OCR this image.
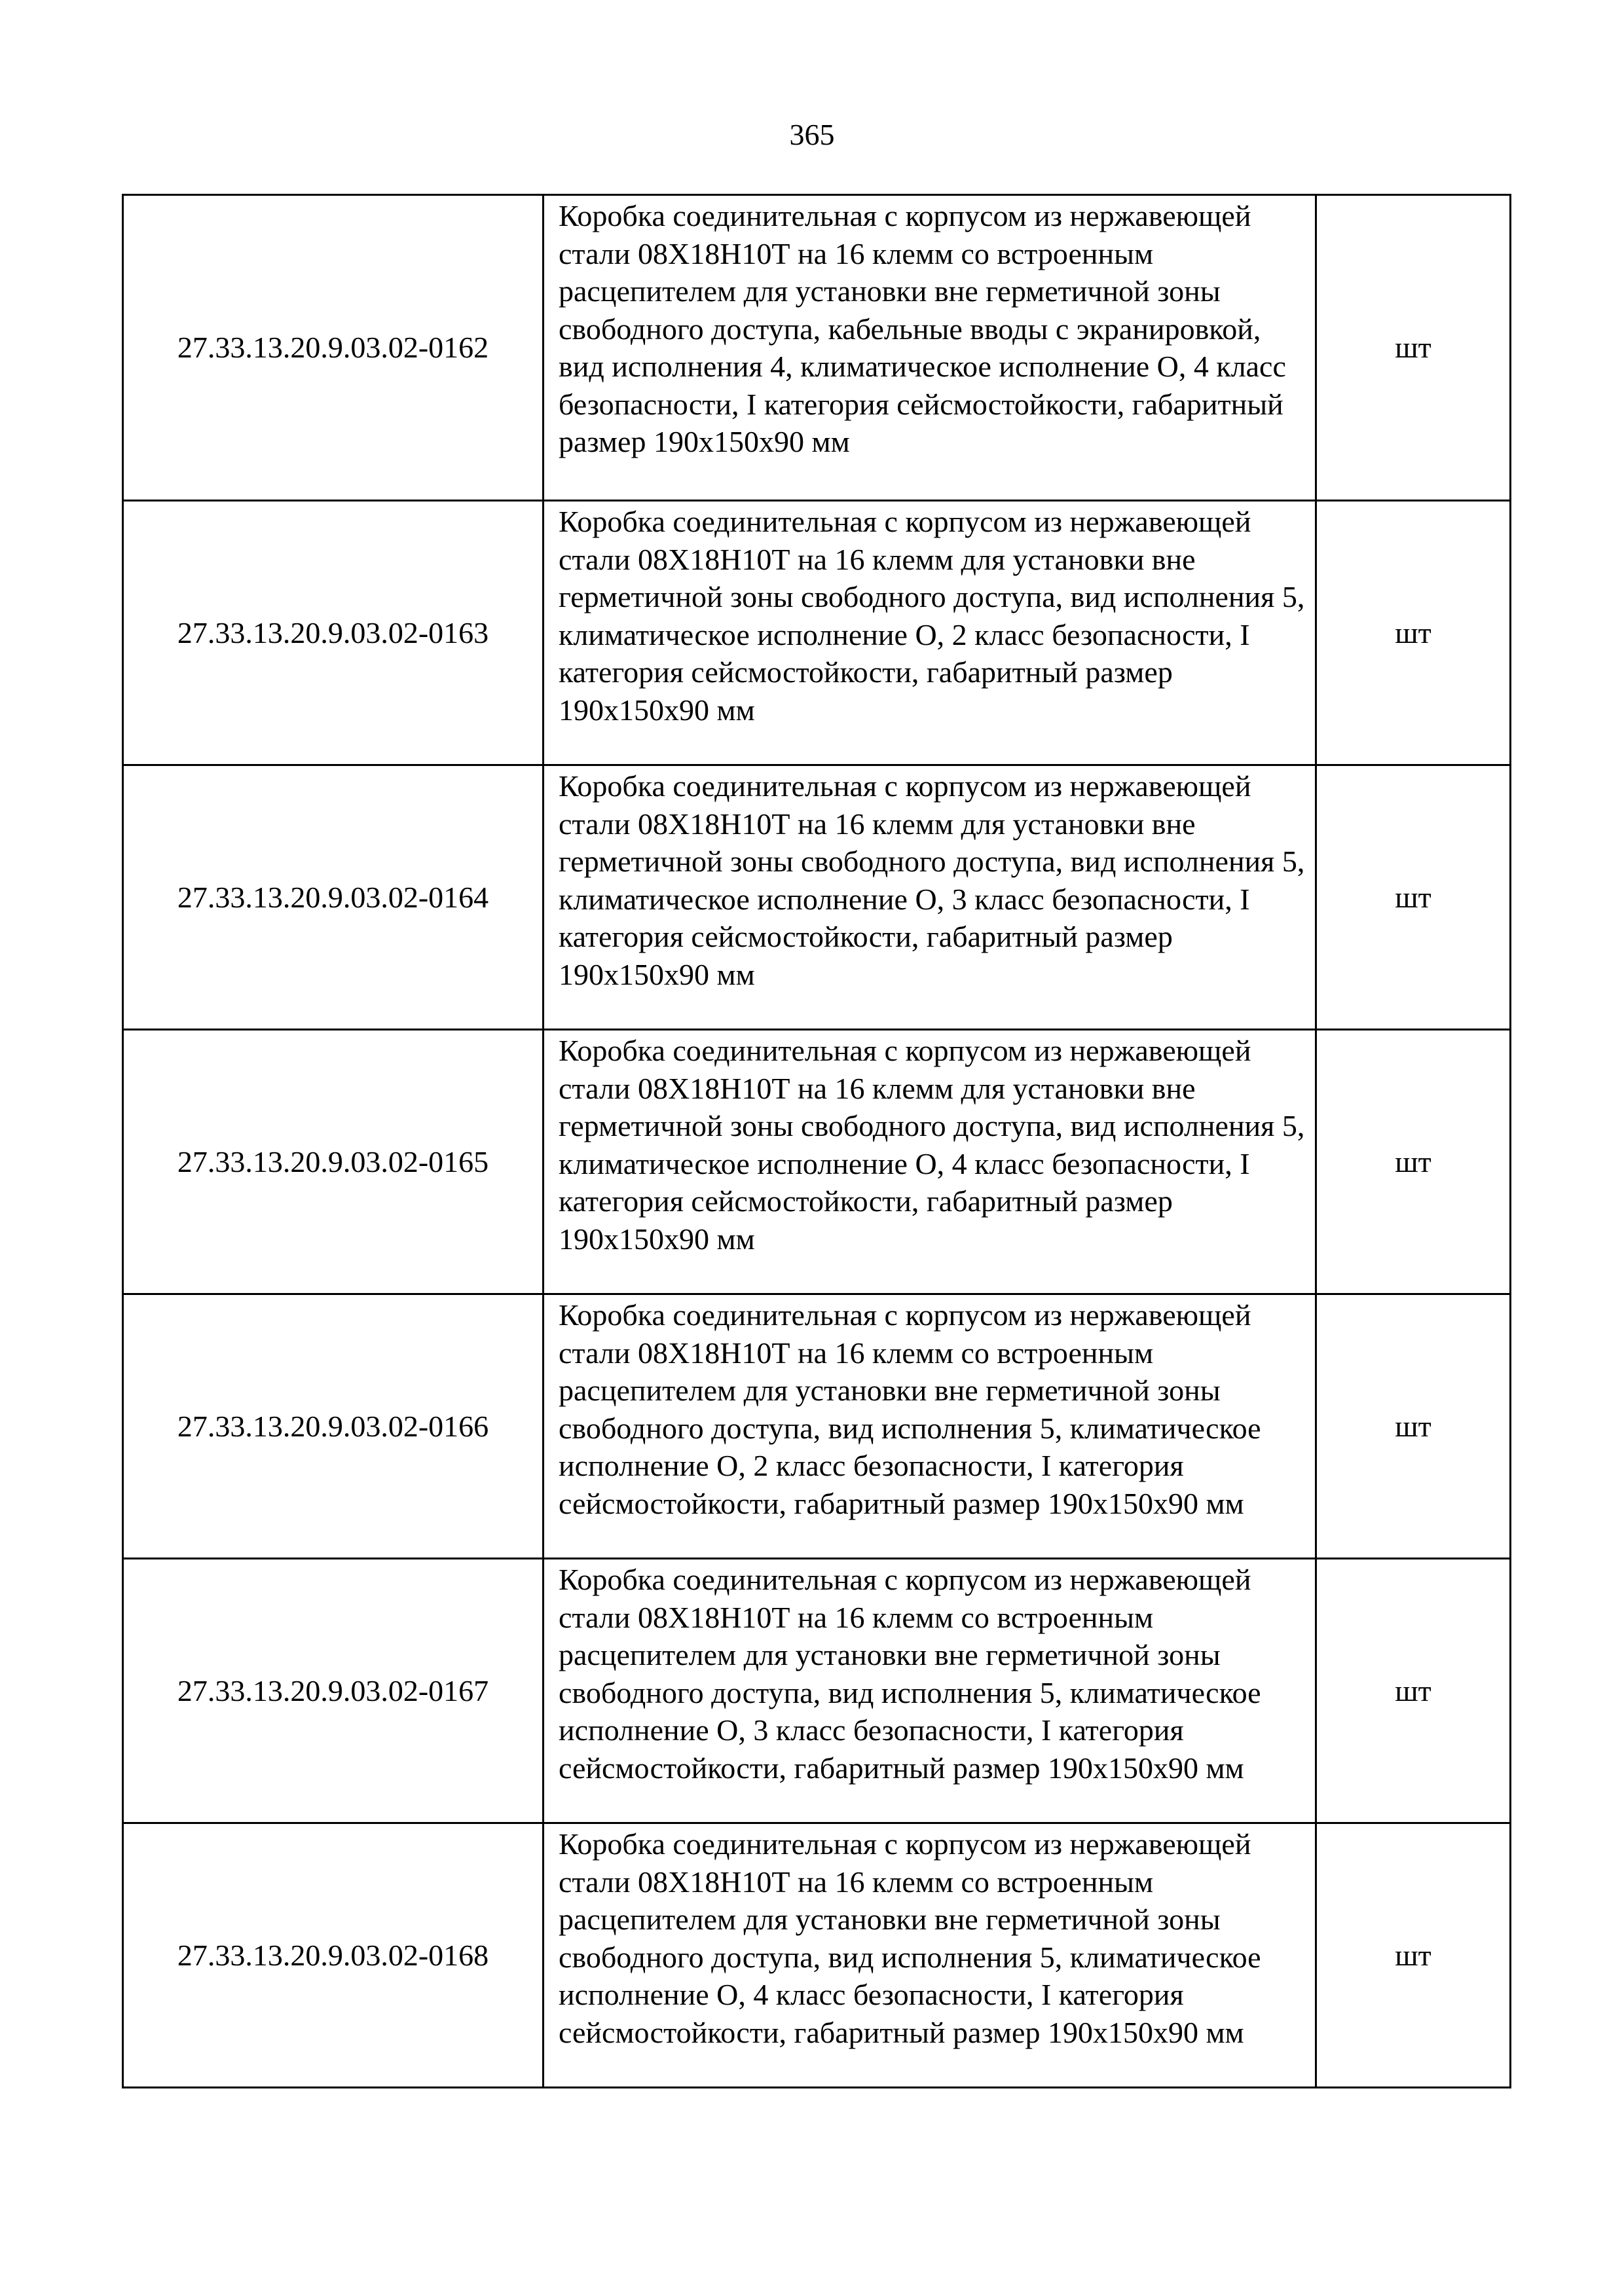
365
27.33.13.20.9.03.02-0162	Коробка соединительная с корпусом из нержавеющей стали 08Х18Н10Т на 16 клемм со встроенным расцепителем для установки вне герметичной зоны свободного доступа, кабельные вводы с экранировкой, вид исполнения 4, климатическое исполнение О, 4 класс безопасности, I категория сейсмостойкости, габаритный размер 190х150х90 мм	шт
27.33.13.20.9.03.02-0163	Коробка соединительная с корпусом из нержавеющей стали 08Х18Н10Т на 16 клемм для установки вне герметичной зоны свободного доступа, вид исполнения 5, климатическое исполнение О, 2 класс безопасности, I категория сейсмостойкости, габаритный размер 190х150х90 мм	шт
27.33.13.20.9.03.02-0164	Коробка соединительная с корпусом из нержавеющей стали 08Х18Н10Т на 16 клемм для установки вне герметичной зоны свободного доступа, вид исполнения 5, климатическое исполнение О, 3 класс безопасности, I категория сейсмостойкости, габаритный размер 190х150х90 мм	шт
27.33.13.20.9.03.02-0165	Коробка соединительная с корпусом из нержавеющей стали 08Х18Н10Т на 16 клемм для установки вне герметичной зоны свободного доступа, вид исполнения 5, климатическое исполнение О, 4 класс безопасности, I категория сейсмостойкости, габаритный размер 190х150х90 мм	шт
27.33.13.20.9.03.02-0166	Коробка соединительная с корпусом из нержавеющей стали 08Х18Н10Т на 16 клемм со встроенным расцепителем для установки вне герметичной зоны свободного доступа, вид исполнения 5, климатическое исполнение О, 2 класс безопасности, I категория сейсмостойкости, габаритный размер 190х150х90 мм	шт
27.33.13.20.9.03.02-0167	Коробка соединительная с корпусом из нержавеющей стали 08Х18Н10Т на 16 клемм со встроенным расцепителем для установки вне герметичной зоны свободного доступа, вид исполнения 5, климатическое исполнение О, 3 класс безопасности, I категория сейсмостойкости, габаритный размер 190х150х90 мм	шт
27.33.13.20.9.03.02-0168	Коробка соединительная с корпусом из нержавеющей стали 08Х18Н10Т на 16 клемм со встроенным расцепителем для установки вне герметичной зоны свободного доступа, вид исполнения 5, климатическое исполнение О, 4 класс безопасности, I категория сейсмостойкости, габаритный размер 190х150х90 мм	шт
